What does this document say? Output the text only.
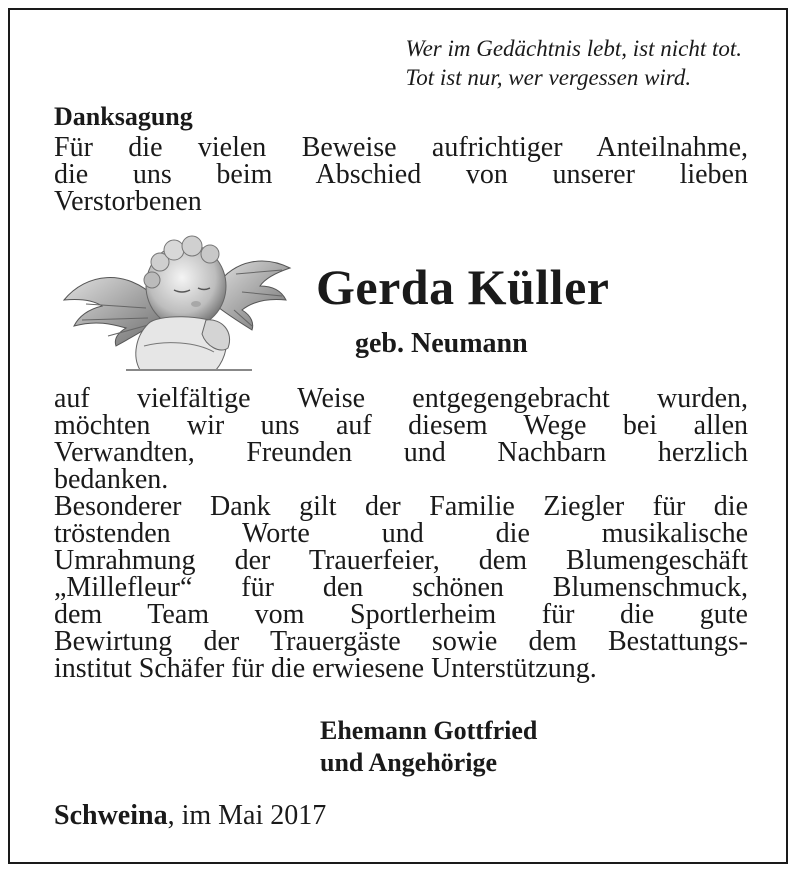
Wer im Gedächtnis lebt, ist nicht tot.
Tot ist nur, wer vergessen wird.
Danksagung
Für die vielen Beweise aufrichtiger Anteilnahme,
die uns beim Abschied von unserer lieben
Verstorbenen
Gerda Küller
geb. Neumann
auf vielfältige Weise entgegengebracht wurden,
möchten wir uns auf diesem Wege bei allen
Verwandten, Freunden und Nachbarn herzlich
bedanken.
Besonderer Dank gilt der Familie Ziegler für die
tröstenden Worte und die musikalische
Umrahmung der Trauerfeier, dem Blumengeschäft
„Millefleur“ für den schönen Blumenschmuck,
dem Team vom Sportlerheim für die gute
Bewirtung der Trauergäste sowie dem Bestattungs-
institut Schäfer für die erwiesene Unterstützung.
Ehemann Gottfried
und Angehörige
Schweina, im Mai 2017
